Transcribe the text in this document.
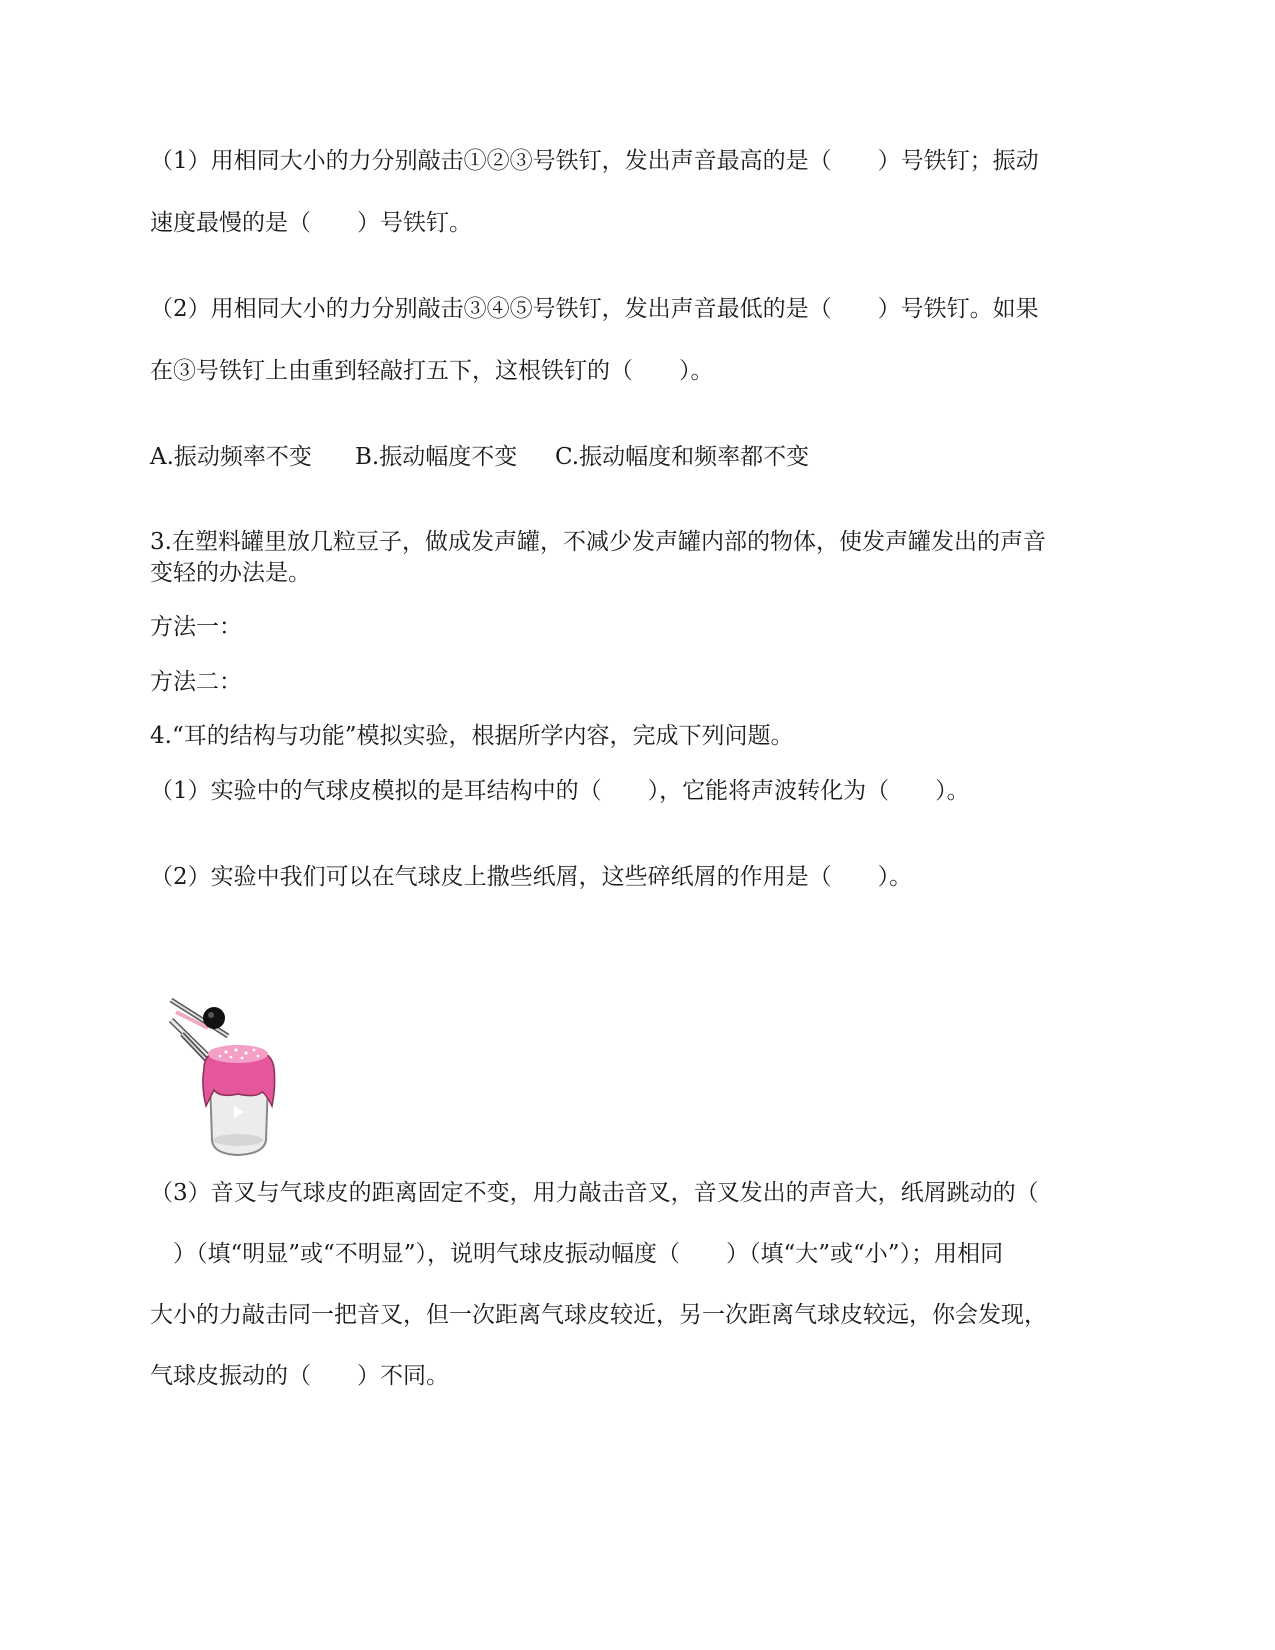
（1）用相同大小的力分别敲击①②③号铁钉，发出声音最高的是（　　）号铁钉；振动
速度最慢的是（　　）号铁钉。
（2）用相同大小的力分别敲击③④⑤号铁钉，发出声音最低的是（　　）号铁钉。如果
在③号铁钉上由重到轻敲打五下，这根铁钉的（　　）。
A.振动频率不变 B.振动幅度不变 C.振动幅度和频率都不变
3.在塑料罐里放几粒豆子，做成发声罐，不减少发声罐内部的物体，使发声罐发出的声音
变轻的办法是。
方法一：
方法二：
4.“耳的结构与功能”模拟实验，根据所学内容，完成下列问题。
（1）实验中的气球皮模拟的是耳结构中的（　　），它能将声波转化为（　　）。
（2）实验中我们可以在气球皮上撒些纸屑，这些碎纸屑的作用是（　　）。
（3）音叉与气球皮的距离固定不变，用力敲击音叉，音叉发出的声音大，纸屑跳动的（
　）（填“明显”或“不明显”），说明气球皮振动幅度（　　）（填“大”或“小”）；用相同
大小的力敲击同一把音叉，但一次距离气球皮较近，另一次距离气球皮较远，你会发现，
气球皮振动的（　　）不同。
